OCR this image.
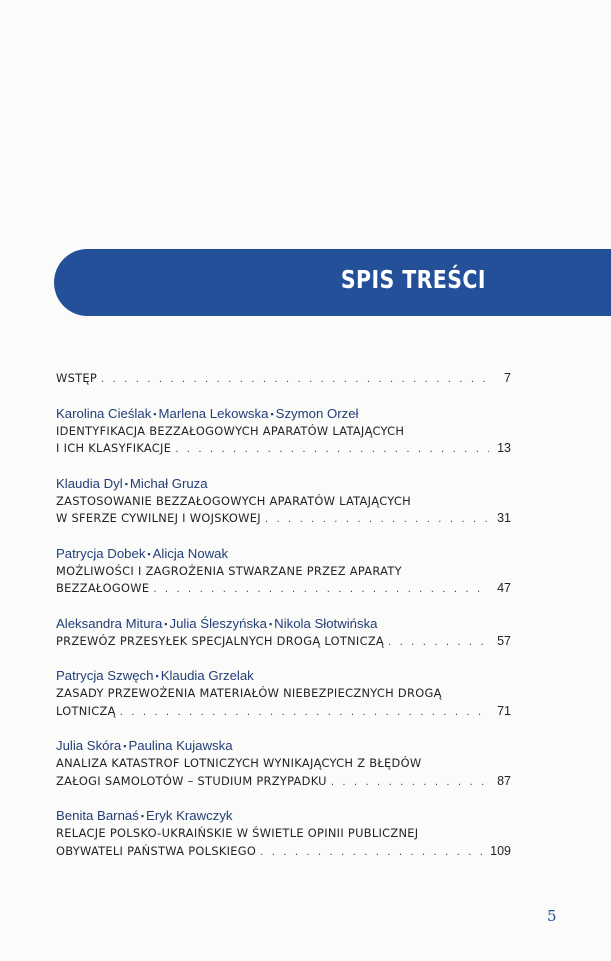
SPIS TREŚCI
WSTĘP . . .	7
Karolina Cieślak ▪ Marlena Lekowska ▪ Szymon Orzeł
IDENTYFIKACJA BEZZAŁOGOWYCH APARATÓW LATAJĄCYCH
I ICH KLASYFIKACJE . . .	13
Klaudia Dyl ▪ Michał Gruza
ZASTOSOWANIE BEZZAŁOGOWYCH APARATÓW LATAJĄCYCH
W SFERZE CYWILNEJ I WOJSKOWEJ . . .	31
Patrycja Dobek ▪ Alicja Nowak
MOŻLIWOŚCI I ZAGROŻENIA STWARZANE PRZEZ APARATY
BEZZAŁOGOWE . . .	47
Aleksandra Mitura ▪ Julia Śleszyńska ▪ Nikola Słotwińska
PRZEWÓZ PRZESYŁEK SPECJALNYCH DROGĄ LOTNICZĄ . . .	57
Patrycja Szwęch ▪ Klaudia Grzelak
ZASADY PRZEWOŻENIA MATERIAŁÓW NIEBEZPIECZNYCH DROGĄ
LOTNICZĄ . . .	71
Julia Skóra ▪ Paulina Kujawska
ANALIZA KATASTROF LOTNICZYCH WYNIKAJĄCYCH Z BŁĘDÓW
ZAŁOGI SAMOLOTÓW – STUDIUM PRZYPADKU . . .	87
Benita Barnaś ▪ Eryk Krawczyk
RELACJE POLSKO-UKRAIŃSKIE W ŚWIETLE OPINII PUBLICZNEJ
OBYWATELI PAŃSTWA POLSKIEGO . . .	109
5
